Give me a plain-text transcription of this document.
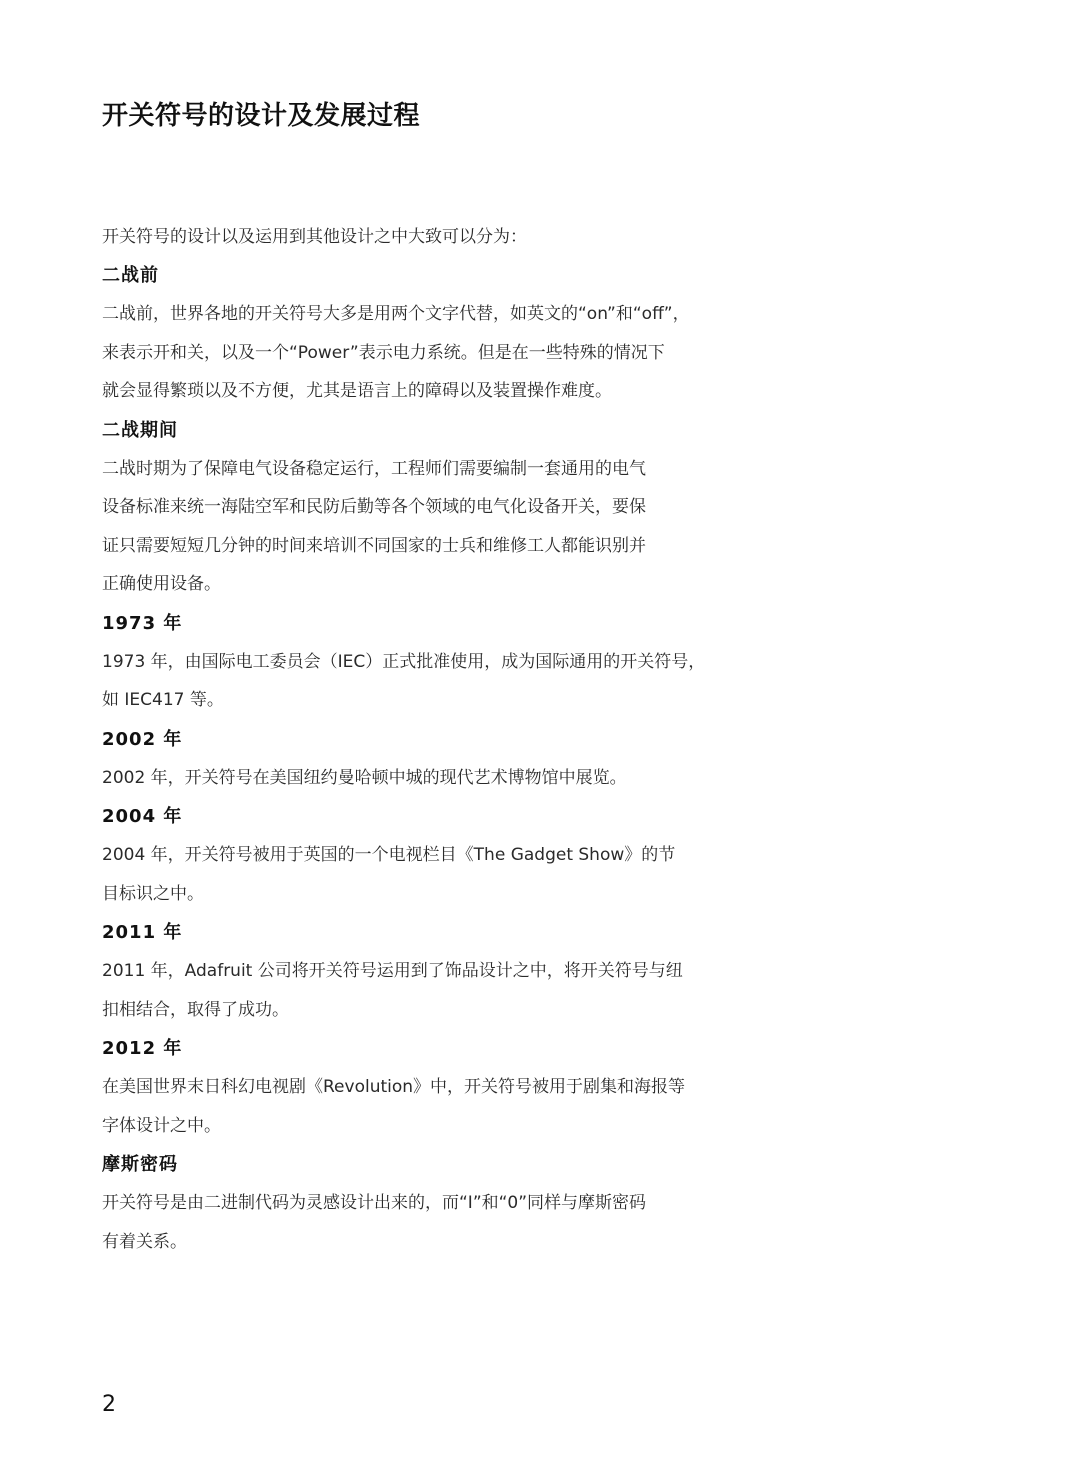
开关符号的设计及发展过程

开关符号的设计以及运用到其他设计之中大致可以分为：

二战前

二战前，世界各地的开关符号大多是用两个文字代替，如英文的“on”和“off”，

来表示开和关，以及一个“Power”表示电力系统。但是在一些特殊的情况下

就会显得繁琐以及不方便，尤其是语言上的障碍以及装置操作难度。

二战期间

二战时期为了保障电气设备稳定运行，工程师们需要编制一套通用的电气

设备标准来统一海陆空军和民防后勤等各个领域的电气化设备开关，要保

证只需要短短几分钟的时间来培训不同国家的士兵和维修工人都能识别并

正确使用设备。

1973 年

1973 年，由国际电工委员会（IEC）正式批准使用，成为国际通用的开关符号，

如 IEC417 等。

2002 年

2002 年，开关符号在美国纽约曼哈顿中城的现代艺术博物馆中展览。

2004 年

2004 年，开关符号被用于英国的一个电视栏目《The Gadget Show》的节

目标识之中。

2011 年

2011 年，Adafruit 公司将开关符号运用到了饰品设计之中，将开关符号与纽

扣相结合，取得了成功。

2012 年

在美国世界末日科幻电视剧《Revolution》中，开关符号被用于剧集和海报等

字体设计之中。

摩斯密码

开关符号是由二进制代码为灵感设计出来的，而“I”和“0”同样与摩斯密码

有着关系。

2
